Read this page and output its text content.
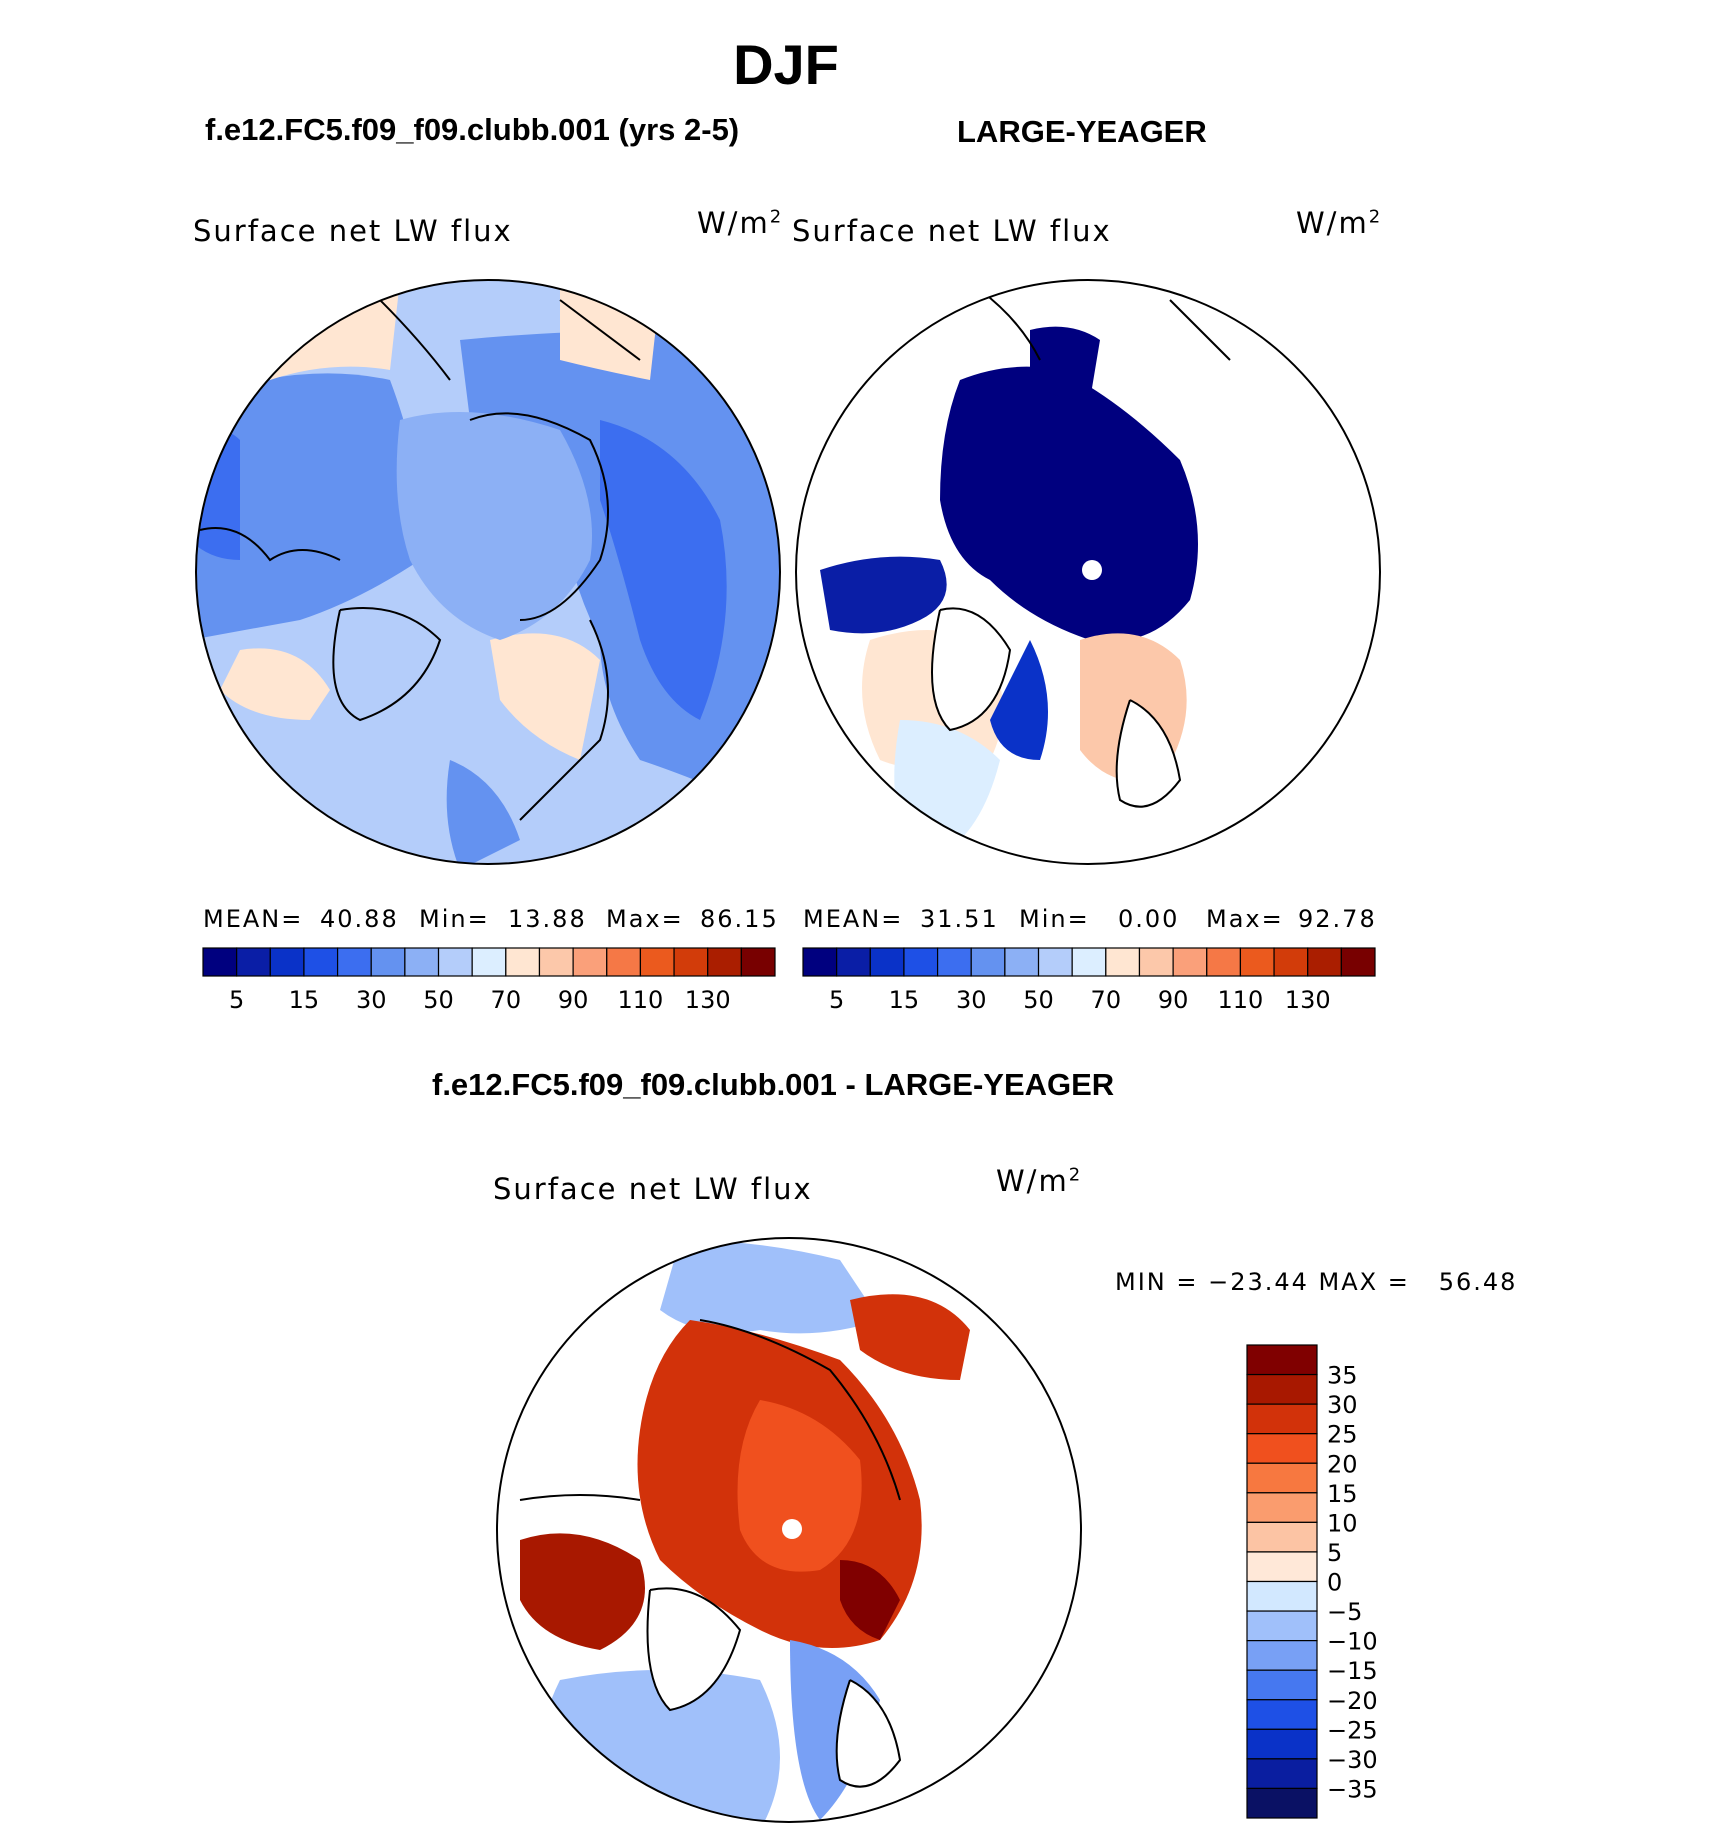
DJF
f.e12.FC5.f09_f09.clubb.001 (yrs 2-5)	LARGE-YEAGER
f.e12.FC5.f09_f09.clubb.001 - LARGE-YEAGER
Surface net LW flux	Surface net LW flux
Surface net LW flux
$W/m^2$	$W/m^2$
$W/m^2$
MEAN= 40.88 Min= 13.88 Max= 86.15 MEAN= 31.51 Min= 0.00 Max= 92.78
MIN = −23.44 MAX =   56.48
5 15 30 50 70 90 110 130	5 15 30 50 70 90 110 130
35
30
25
20
15
10
5
0
−5
−10
−15
−20
−25
−30
−35
